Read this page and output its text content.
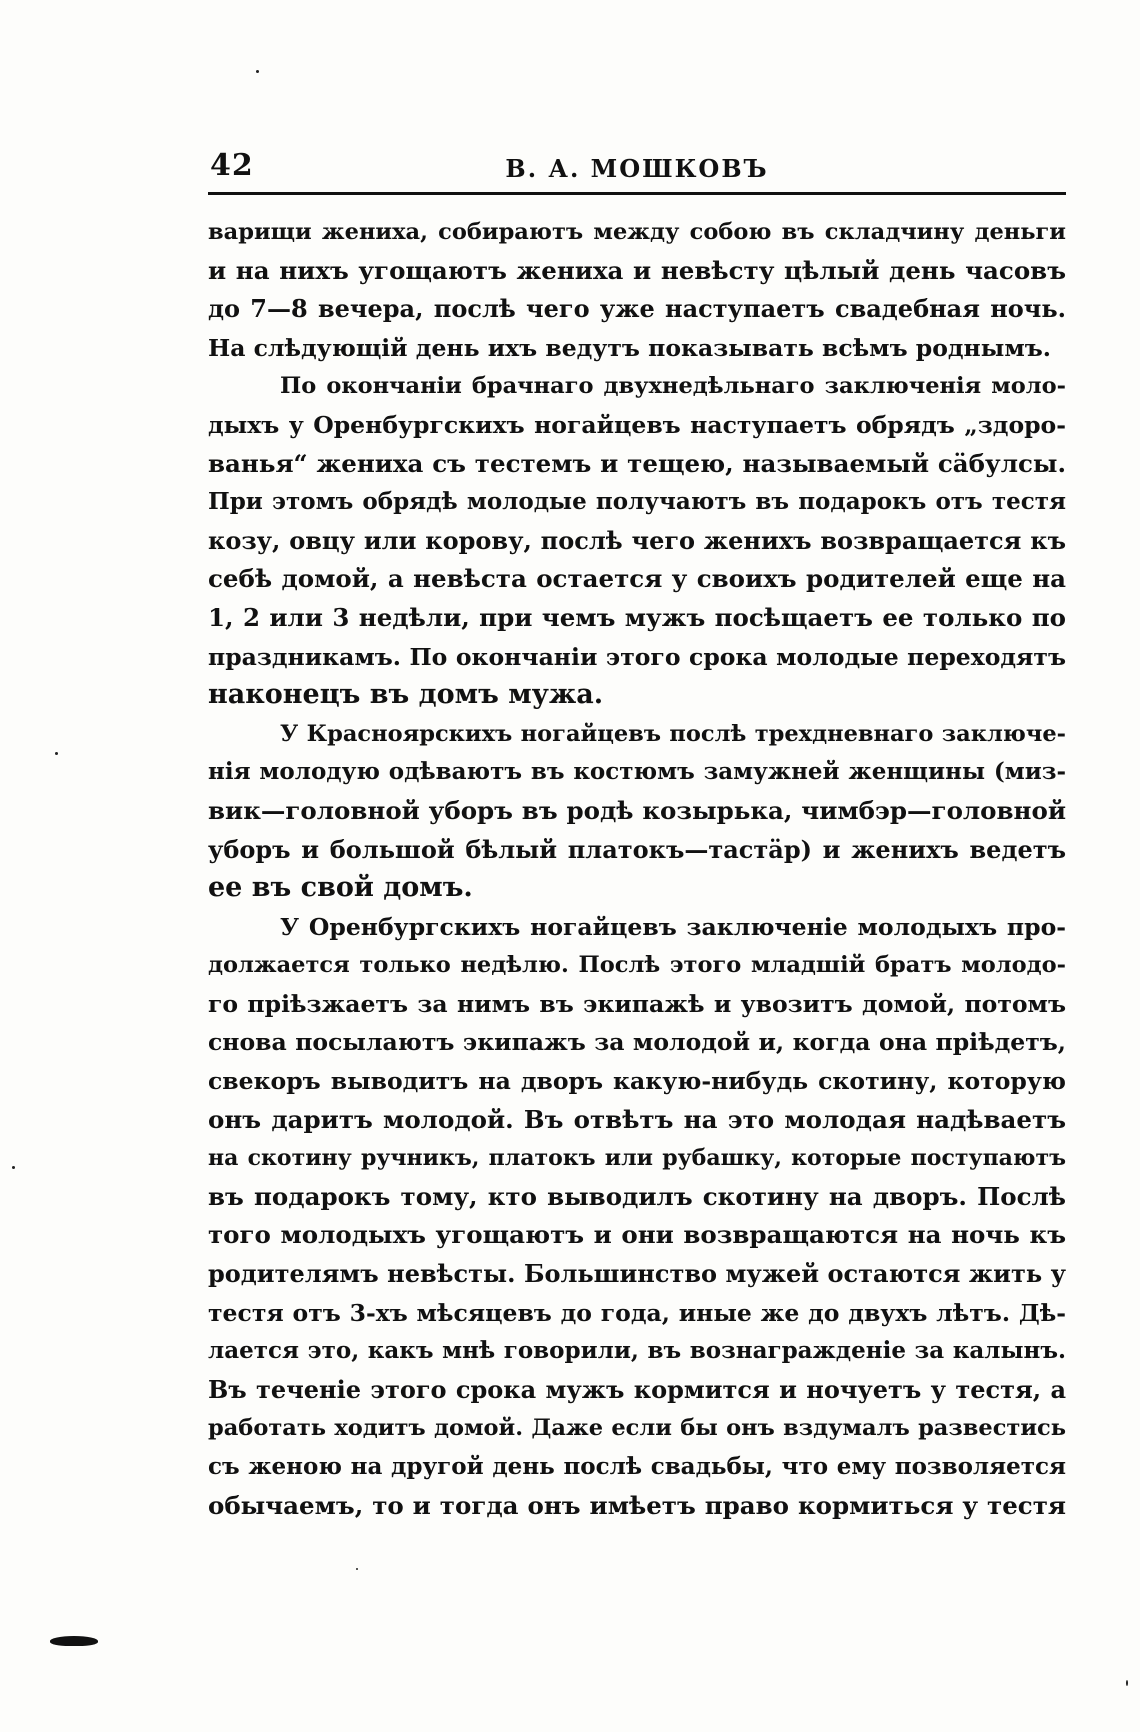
42	В. А. МОШКОВЪ
варищи жениха, собираютъ между собою въ складчину деньги
и на нихъ угощаютъ жениха и невѣсту цѣлый день часовъ
до 7—8 вечера, послѣ чего уже наступаетъ свадебная ночь.
На слѣдующій день ихъ ведутъ показывать всѣмъ роднымъ.
По окончаніи брачнаго двухнедѣльнаго заключенія моло-
дыхъ у Оренбургскихъ ногайцевъ наступаетъ обрядъ „здоро-
ванья“ жениха съ тестемъ и тещею, называемый сäбулсы.
При этомъ обрядѣ молодые получаютъ въ подарокъ отъ тестя
козу, овцу или корову, послѣ чего женихъ возвращается къ
себѣ домой, а невѣста остается у своихъ родителей еще на
1, 2 или 3 недѣли, при чемъ мужъ посѣщаетъ ее только по
праздникамъ. По окончаніи этого срока молодые переходятъ
наконецъ въ домъ мужа.
У Красноярскихъ ногайцевъ послѣ трехдневнаго заключе-
нія молодую одѣваютъ въ костюмъ замужней женщины (миз-
вик—головной уборъ въ родѣ козырька, чимбэр—головной
уборъ и большой бѣлый платокъ—тастäр) и женихъ ведетъ
ее въ свой домъ.
У Оренбургскихъ ногайцевъ заключеніе молодыхъ про-
должается только недѣлю. Послѣ этого младшій братъ молодо-
го пріѣзжаетъ за нимъ въ экипажѣ и увозитъ домой, потомъ
снова посылаютъ экипажъ за молодой и, когда она пріѣдетъ,
свекоръ выводитъ на дворъ какую-нибудь скотину, которую
онъ даритъ молодой. Въ отвѣтъ на это молодая надѣваетъ
на скотину ручникъ, платокъ или рубашку, которые поступаютъ
въ подарокъ тому, кто выводилъ скотину на дворъ. Послѣ
того молодыхъ угощаютъ и они возвращаются на ночь къ
родителямъ невѣсты. Большинство мужей остаются жить у
тестя отъ 3-хъ мѣсяцевъ до года, иные же до двухъ лѣтъ. Дѣ-
лается это, какъ мнѣ говорили, въ вознагражденіе за калынъ.
Въ теченіе этого срока мужъ кормится и ночуетъ у тестя, а
работать ходитъ домой. Даже если бы онъ вздумалъ развестись
съ женою на другой день послѣ свадьбы, что ему позволяется
обычаемъ, то и тогда онъ имѣетъ право кормиться у тестя
